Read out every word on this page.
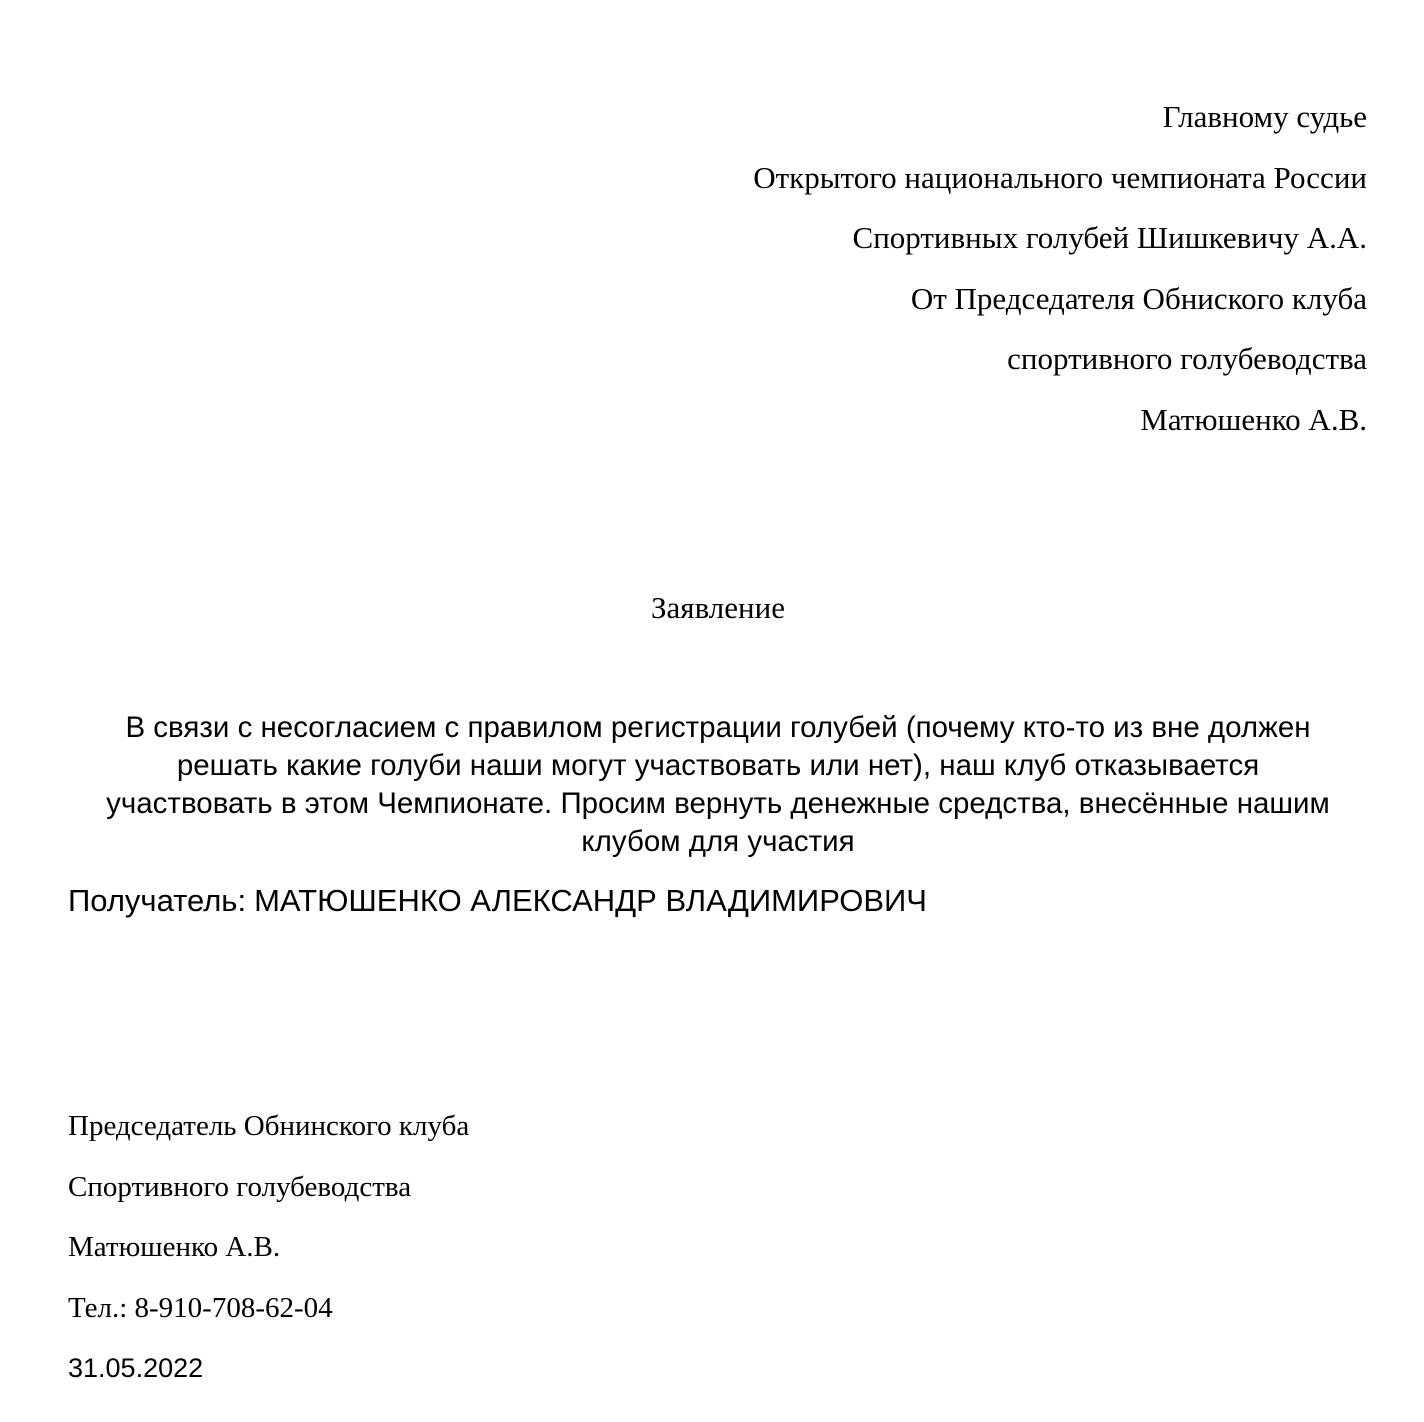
Главному судье
Открытого национального чемпионата России
Спортивных голубей Шишкевичу А.А.
От Председателя Обниского клуба
спортивного голубеводства
Матюшенко А.В.
Заявление
В связи с несогласием с правилом регистрации голубей (почему кто-то из вне должен
решать какие голуби наши могут участвовать или нет), наш клуб отказывается
участвовать в этом Чемпионате. Просим вернуть денежные средства, внесённые нашим
клубом для участия
Получатель: МАТЮШЕНКО АЛЕКСАНДР ВЛАДИМИРОВИЧ
Председатель Обнинского клуба
Спортивного голубеводства
Матюшенко А.В.
Тел.: 8-910-708-62-04
31.05.2022
